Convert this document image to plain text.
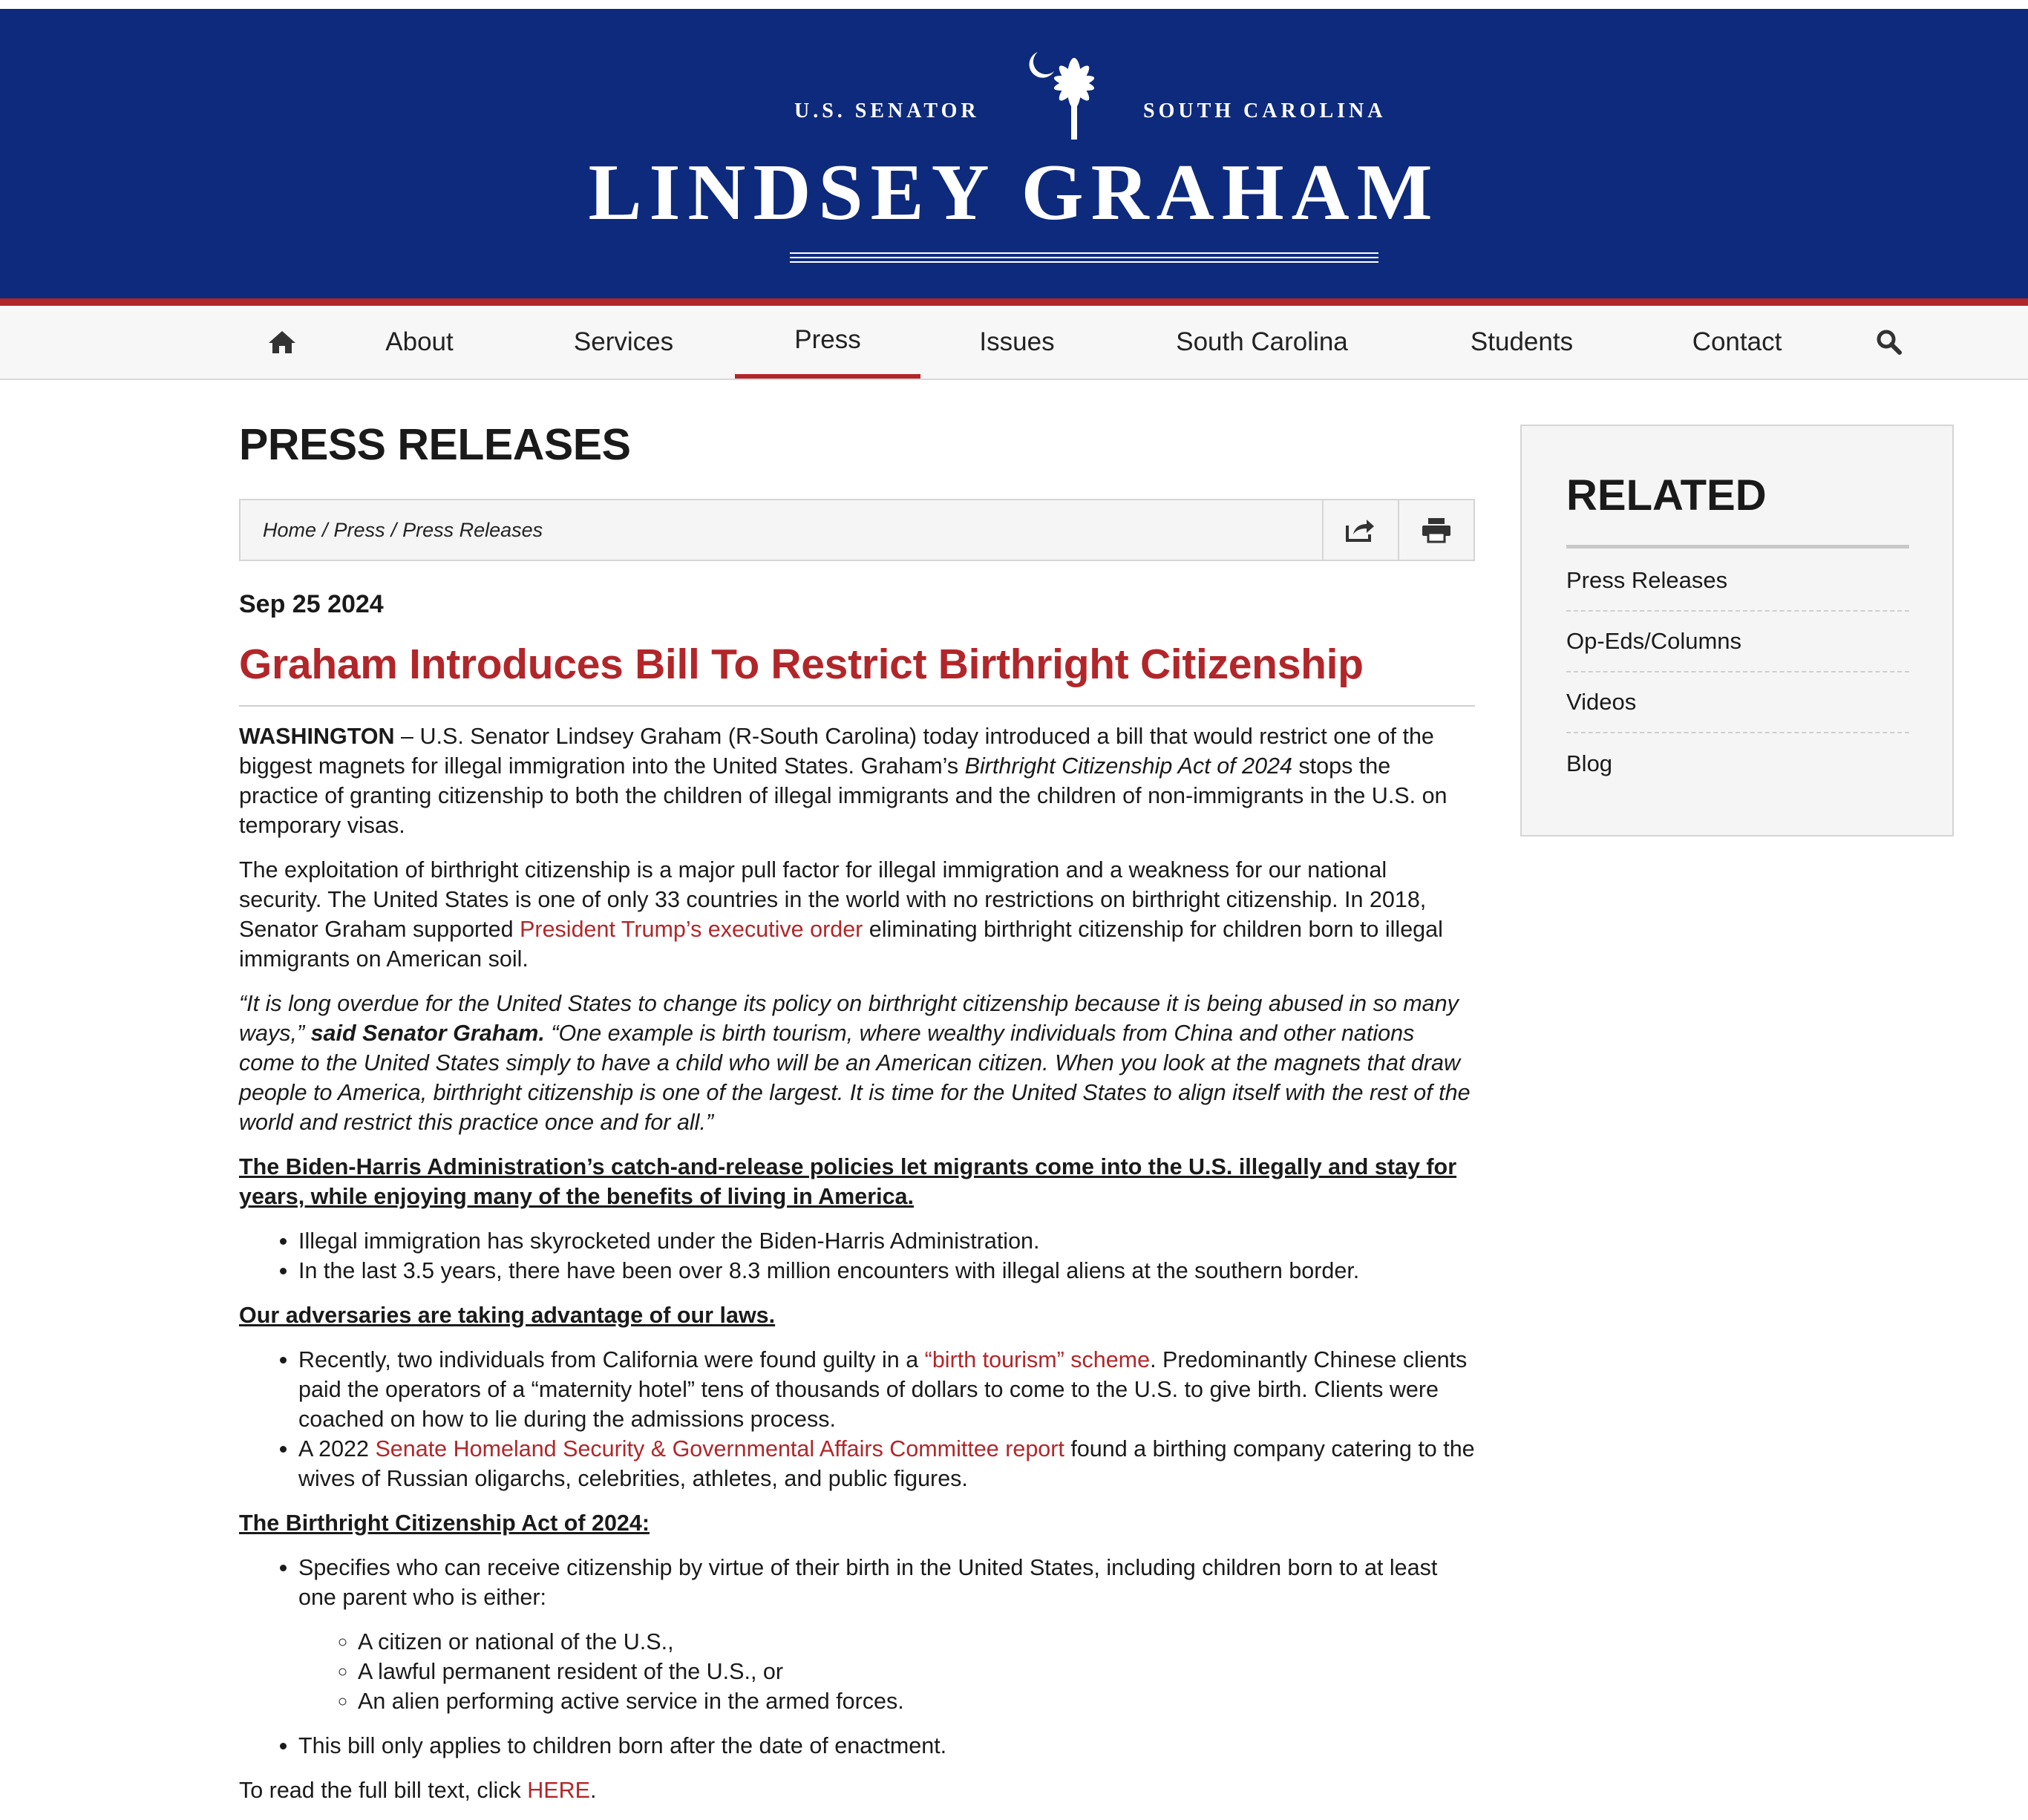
U.S. SENATOR	SOUTH CAROLINA
LINDSEY GRAHAM
About	Services	Press	Issues	South Carolina	Students	Contact
PRESS RELEASES
Home / Press / Press Releases
Sep 25 2024
Graham Introduces Bill To Restrict Birthright Citizenship

WASHINGTON – U.S. Senator Lindsey Graham (R-South Carolina) today introduced a bill that would restrict one of the biggest magnets for illegal immigration into the United States. Graham’s Birthright Citizenship Act of 2024 stops the practice of granting citizenship to both the children of illegal immigrants and the children of non-immigrants in the U.S. on temporary visas.

The exploitation of birthright citizenship is a major pull factor for illegal immigration and a weakness for our national security. The United States is one of only 33 countries in the world with no restrictions on birthright citizenship. In 2018, Senator Graham supported President Trump’s executive order eliminating birthright citizenship for children born to illegal immigrants on American soil.

“It is long overdue for the United States to change its policy on birthright citizenship because it is being abused in so many ways,” said Senator Graham. “One example is birth tourism, where wealthy individuals from China and other nations come to the United States simply to have a child who will be an American citizen. When you look at the magnets that draw people to America, birthright citizenship is one of the largest. It is time for the United States to align itself with the rest of the world and restrict this practice once and for all.”

The Biden-Harris Administration’s catch-and-release policies let migrants come into the U.S. illegally and stay for years, while enjoying many of the benefits of living in America.

• Illegal immigration has skyrocketed under the Biden-Harris Administration.
• In the last 3.5 years, there have been over 8.3 million encounters with illegal aliens at the southern border.

Our adversaries are taking advantage of our laws.

• Recently, two individuals from California were found guilty in a “birth tourism” scheme. Predominantly Chinese clients paid the operators of a “maternity hotel” tens of thousands of dollars to come to the U.S. to give birth. Clients were coached on how to lie during the admissions process.
• A 2022 Senate Homeland Security & Governmental Affairs Committee report found a birthing company catering to the wives of Russian oligarchs, celebrities, athletes, and public figures.

The Birthright Citizenship Act of 2024:

• Specifies who can receive citizenship by virtue of their birth in the United States, including children born to at least one parent who is either:
◦ A citizen or national of the U.S.,
◦ A lawful permanent resident of the U.S., or
◦ An alien performing active service in the armed forces.
• This bill only applies to children born after the date of enactment.

To read the full bill text, click HERE.

RELATED
Press Releases
Op-Eds/Columns
Videos
Blog
